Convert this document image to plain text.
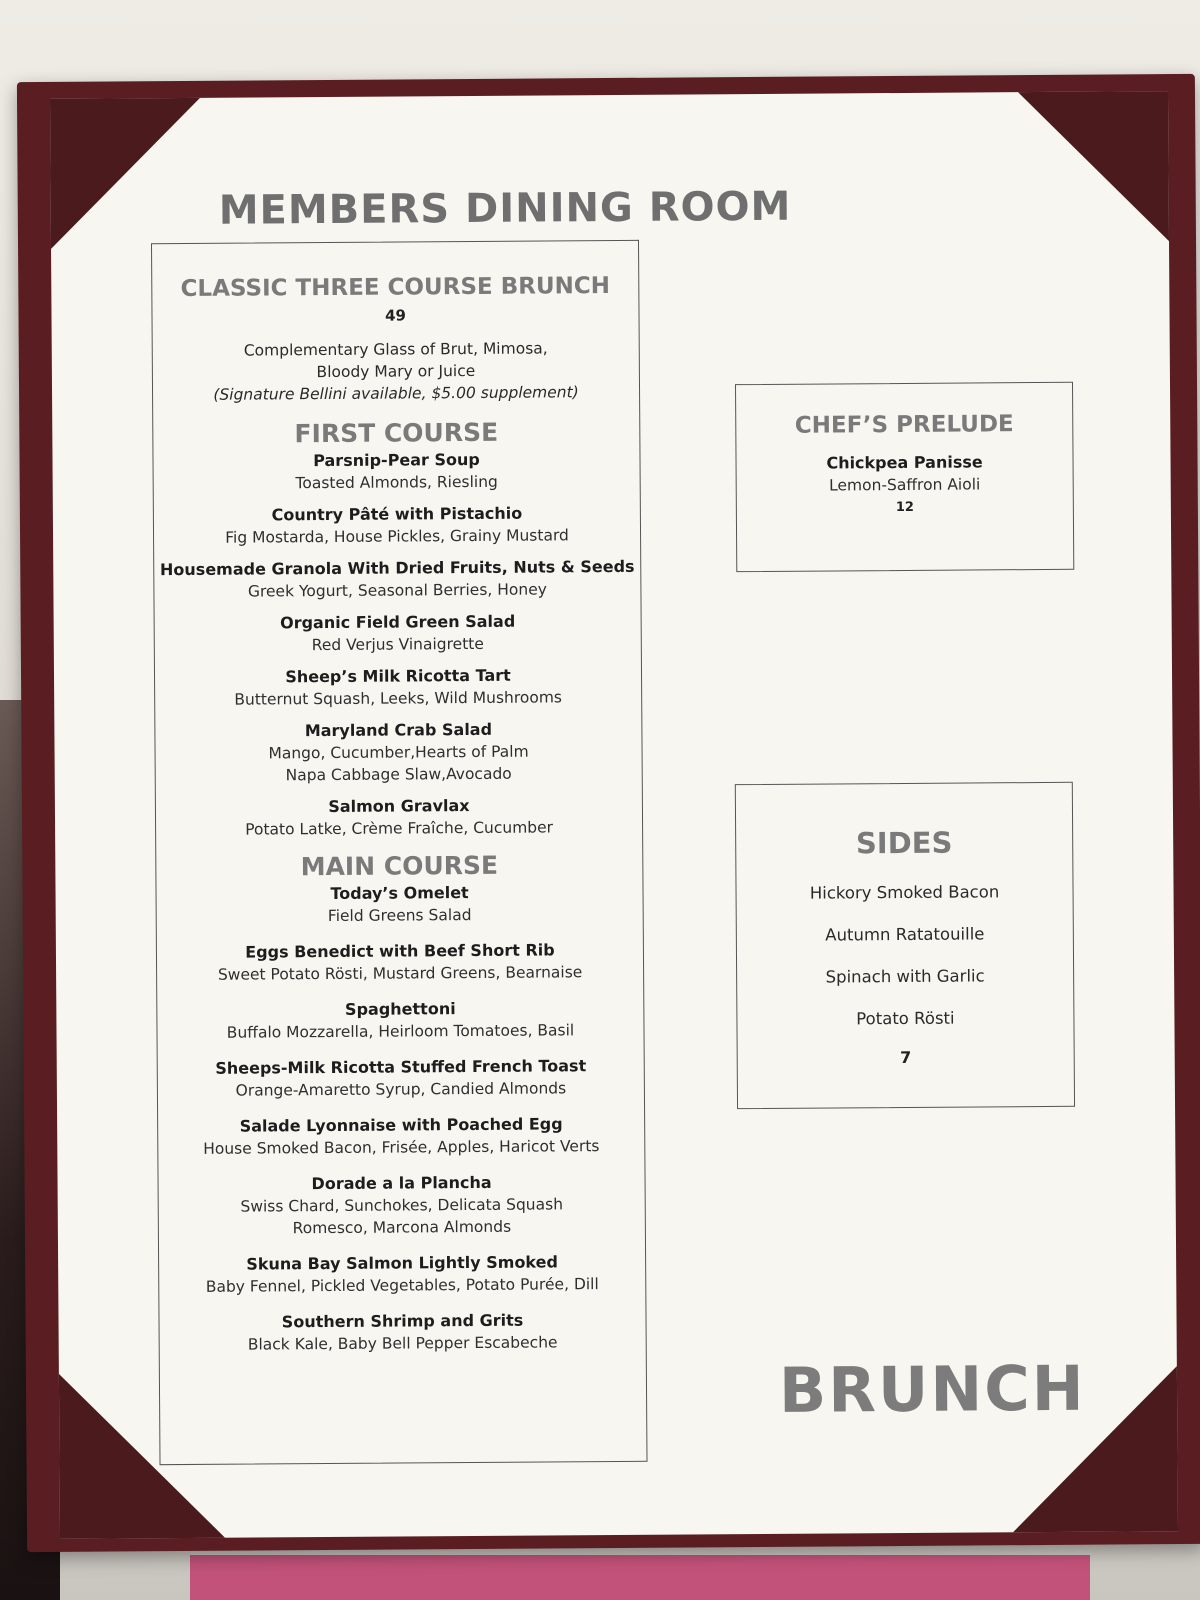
MEMBERS DINING ROOM
CLASSIC THREE COURSE BRUNCH

49

Complementary Glass of Brut, Mimosa,
Bloody Mary or Juice
(Signature Bellini available, $5.00 supplement)
FIRST COURSE

Parsnip-Pear Soup

Toasted Almonds, Riesling

Country Pâté with Pistachio

Fig Mostarda, House Pickles, Grainy Mustard

Housemade Granola With Dried Fruits, Nuts & Seeds

Greek Yogurt, Seasonal Berries, Honey

Organic Field Green Salad

Red Verjus Vinaigrette

Sheep’s Milk Ricotta Tart

Butternut Squash, Leeks, Wild Mushrooms

Maryland Crab Salad

Mango, Cucumber,Hearts of Palm

Napa Cabbage Slaw,Avocado

Salmon Gravlax

Potato Latke, Crème Fraîche, Cucumber

MAIN COURSE

Today’s Omelet

Field Greens Salad

Eggs Benedict with Beef Short Rib

Sweet Potato Rösti, Mustard Greens, Bearnaise

Spaghettoni

Buffalo Mozzarella, Heirloom Tomatoes, Basil

Sheeps-Milk Ricotta Stuffed French Toast

Orange-Amaretto Syrup, Candied Almonds

Salade Lyonnaise with Poached Egg

House Smoked Bacon, Frisée, Apples, Haricot Verts

Dorade a la Plancha

Swiss Chard, Sunchokes, Delicata Squash

Romesco, Marcona Almonds

Skuna Bay Salmon Lightly Smoked

Baby Fennel, Pickled Vegetables, Potato Purée, Dill

Southern Shrimp and Grits

Black Kale, Baby Bell Pepper Escabeche

CHEF’S PRELUDE

Chickpea Panisse

Lemon-Saffron Aioli

12

SIDES

Hickory Smoked Bacon

Autumn Ratatouille

Spinach with Garlic

Potato Rösti

7

BRUNCH
